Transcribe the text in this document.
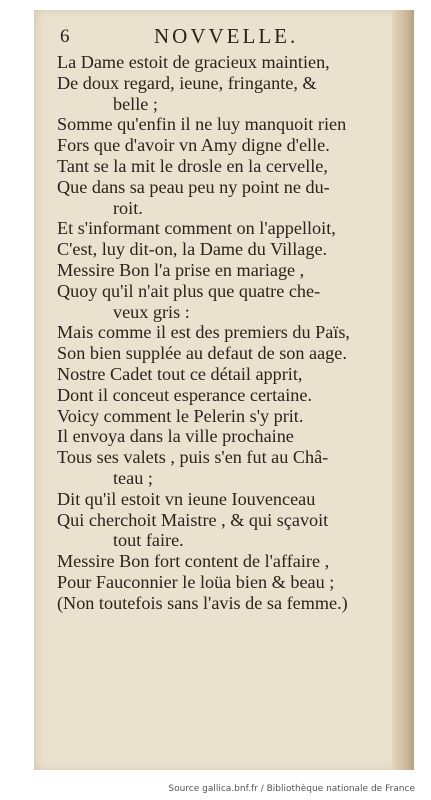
6	NOVVELLE.
La Dame estoit de gracieux maintien,
De doux regard, ieune, fringante, &
belle ;
Somme qu'enfin il ne luy manquoit rien
Fors que d'avoir vn Amy digne d'elle.
Tant se la mit le drosle en la cervelle,
Que dans sa peau peu ny point ne du-
roit.
Et s'informant comment on l'appelloit,
C'est, luy dit-on, la Dame du Village.
Messire Bon l'a prise en mariage ,
Quoy qu'il n'ait plus que quatre che-
veux gris :
Mais comme il est des premiers du Païs,
Son bien supplée au defaut de son aage.
Nostre Cadet tout ce détail apprit,
Dont il conceut esperance certaine.
Voicy comment le Pelerin s'y prit.
Il envoya dans la ville prochaine
Tous ses valets , puis s'en fut au Châ-
teau ;
Dit qu'il estoit vn ieune Iouvenceau
Qui cherchoit Maistre , & qui sçavoit
tout faire.
Messire Bon fort content de l'affaire ,
Pour Fauconnier le loüa bien & beau ;
(Non toutefois sans l'avis de sa femme.)
Source gallica.bnf.fr / Bibliothèque nationale de France
